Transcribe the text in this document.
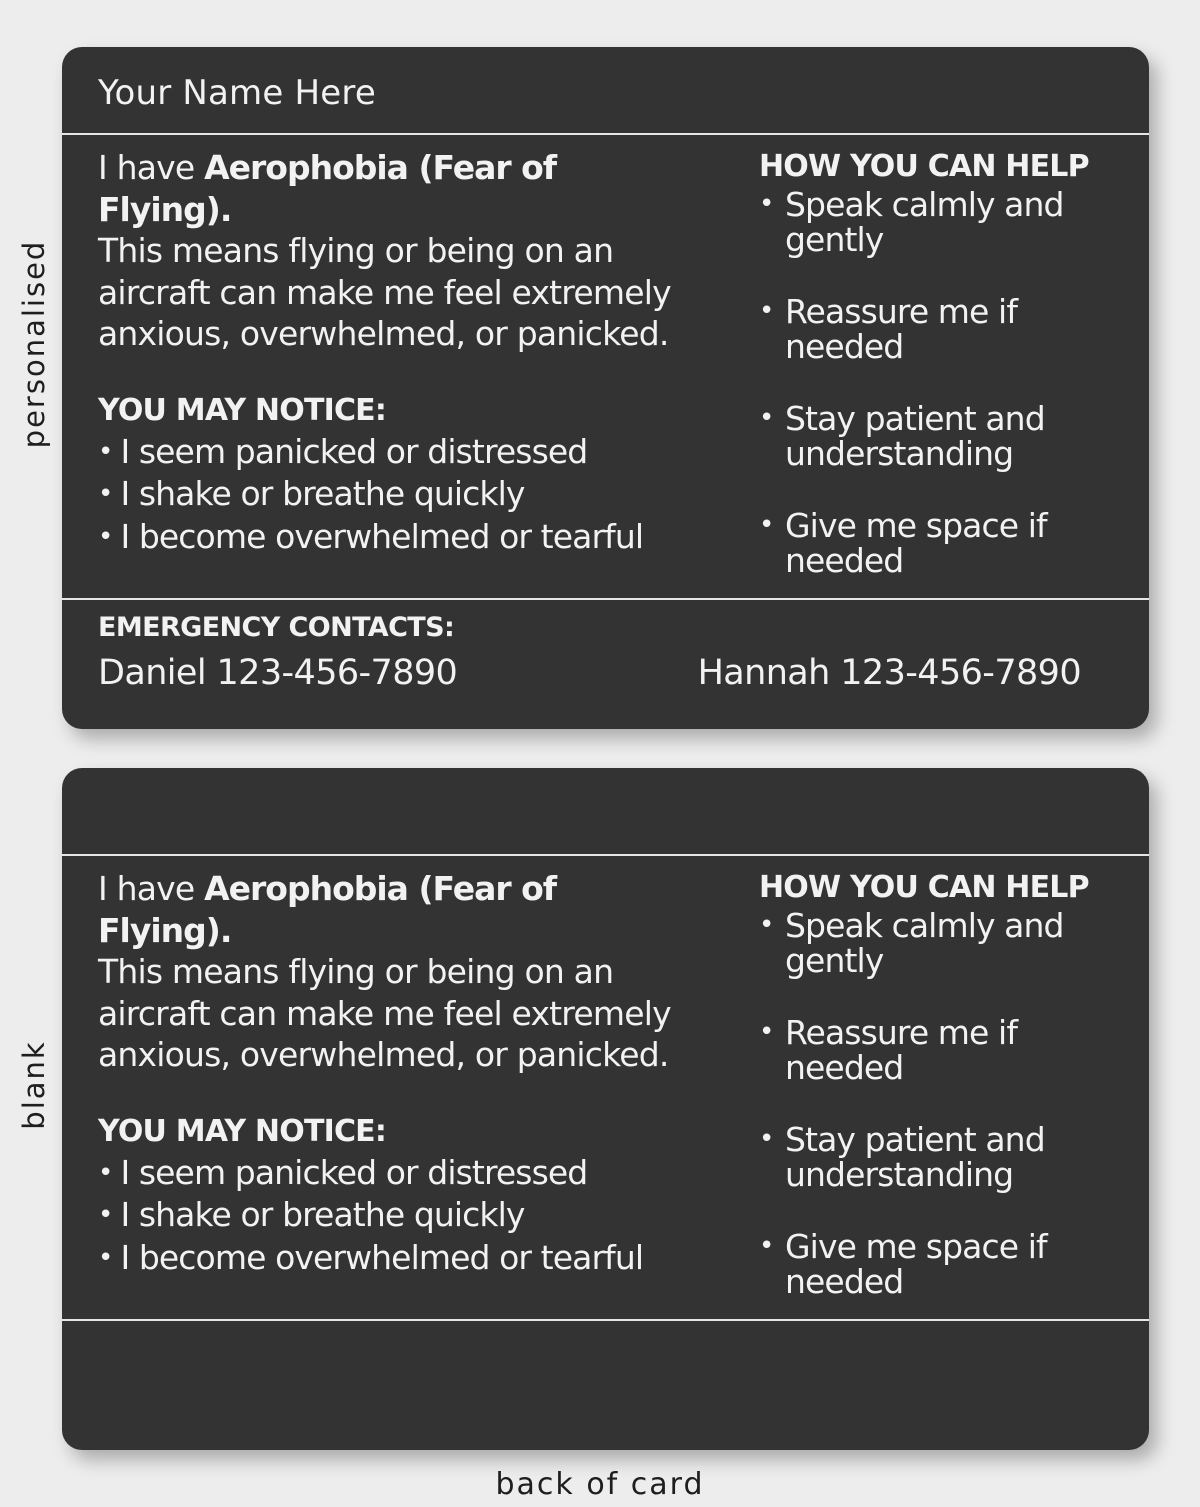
personalised
blank
Your Name Here

I have Aerophobia (Fear of Flying).
This means flying or being on an aircraft can make me feel extremely anxious, overwhelmed, or panicked.

YOU MAY NOTICE:
• I seem panicked or distressed
• I shake or breathe quickly
• I become overwhelmed or tearful
HOW YOU CAN HELP
• Speak calmly and gently
• Reassure me if needed
• Stay patient and understanding
• Give me space if needed
EMERGENCY CONTACTS:
Daniel 123-456-7890	Hannah 123-456-7890

I have Aerophobia (Fear of Flying).
This means flying or being on an aircraft can make me feel extremely anxious, overwhelmed, or panicked.

YOU MAY NOTICE:
• I seem panicked or distressed
• I shake or breathe quickly
• I become overwhelmed or tearful
HOW YOU CAN HELP
• Speak calmly and gently
• Reassure me if needed
• Stay patient and understanding
• Give me space if needed
back of card
